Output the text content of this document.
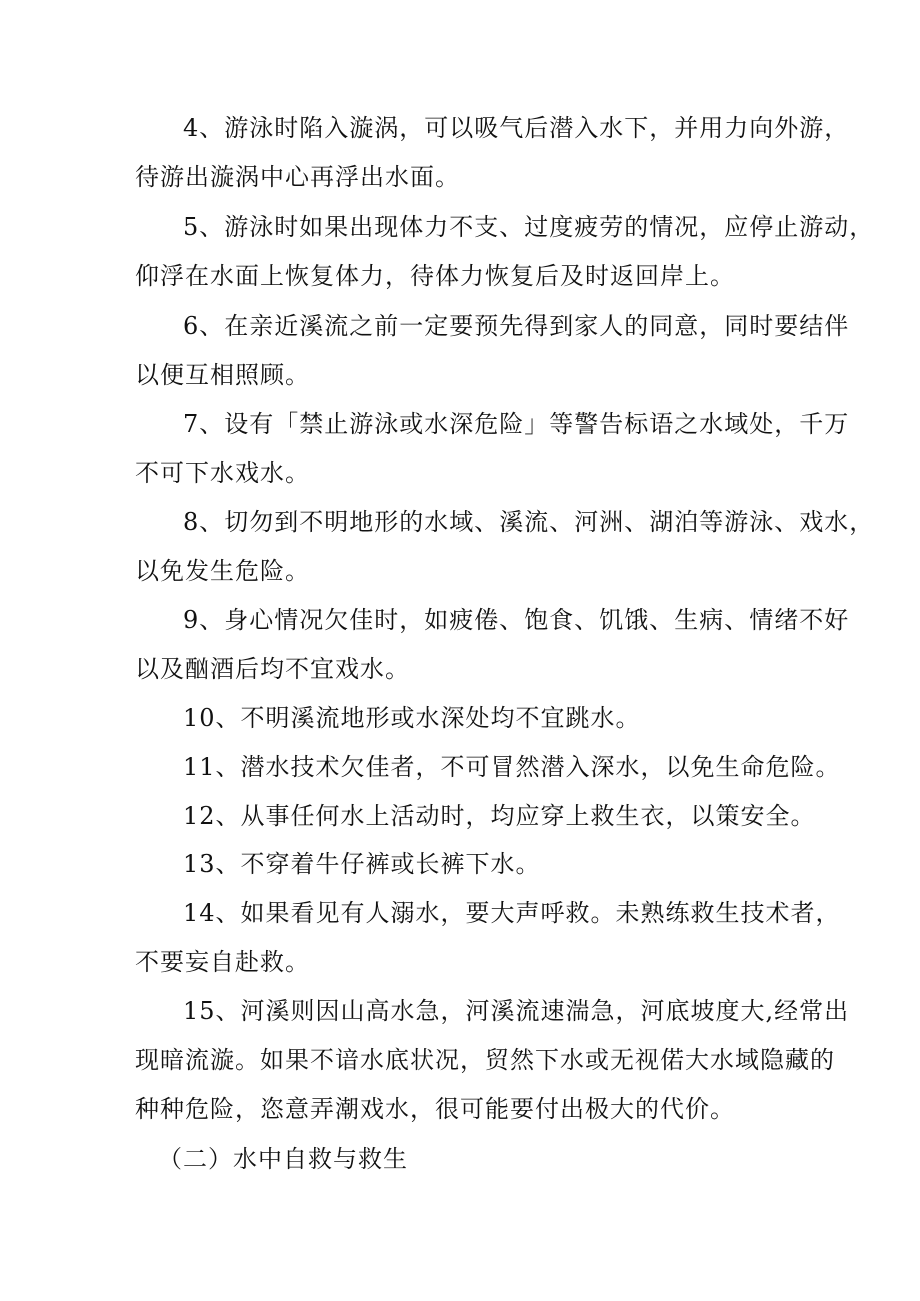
4、游泳时陷入漩涡，可以吸气后潜入水下，并用力向外游，
待游出漩涡中心再浮出水面。
5、游泳时如果出现体力不支、过度疲劳的情况，应停止游动，
仰浮在水面上恢复体力，待体力恢复后及时返回岸上。
6、在亲近溪流之前一定要预先得到家人的同意，同时要结伴
以便互相照顾。
7、设有「禁止游泳或水深危险」等警告标语之水域处，千万
不可下水戏水。
8、切勿到不明地形的水域、溪流、河洲、湖泊等游泳、戏水，
以免发生危险。
9、身心情况欠佳时，如疲倦、饱食、饥饿、生病、情绪不好
以及酗酒后均不宜戏水。
10、不明溪流地形或水深处均不宜跳水。
11、潜水技术欠佳者，不可冒然潜入深水，以免生命危险。
12、从事任何水上活动时，均应穿上救生衣，以策安全。
13、不穿着牛仔裤或长裤下水。
14、如果看见有人溺水，要大声呼救。未熟练救生技术者，
不要妄自赴救。
15、河溪则因山高水急，河溪流速湍急，河底坡度大,经常出
现暗流漩。如果不谙水底状况，贸然下水或无视偌大水域隐藏的
种种危险，恣意弄潮戏水，很可能要付出极大的代价。
（二）水中自救与救生
